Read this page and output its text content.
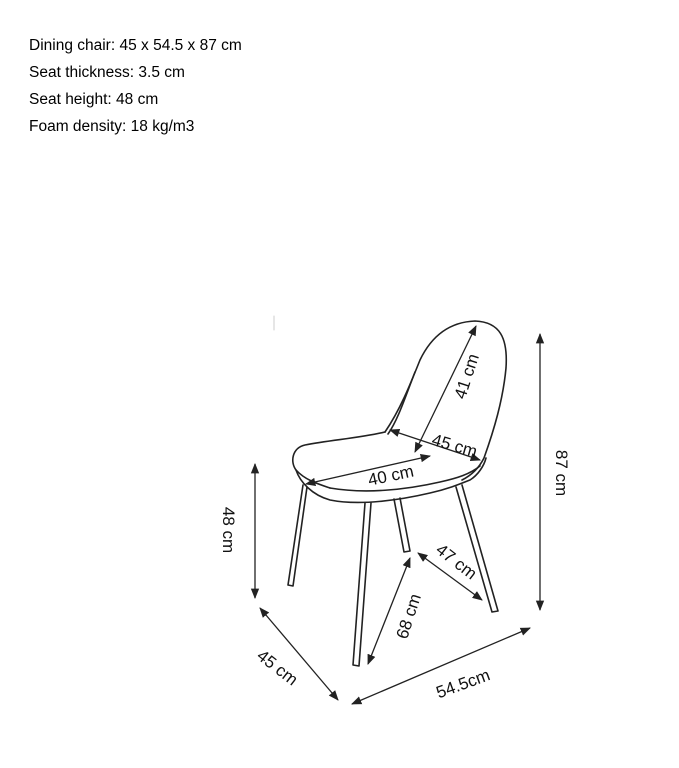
Dining chair: 45 x 54.5 x 87 cm
Seat thickness: 3.5 cm
Seat height: 48 cm
Foam density: 18 kg/m3
41 cm
45 cm
40 cm	87 cm
48 cm
47 cm
68 cm
45 cm	54.5cm
